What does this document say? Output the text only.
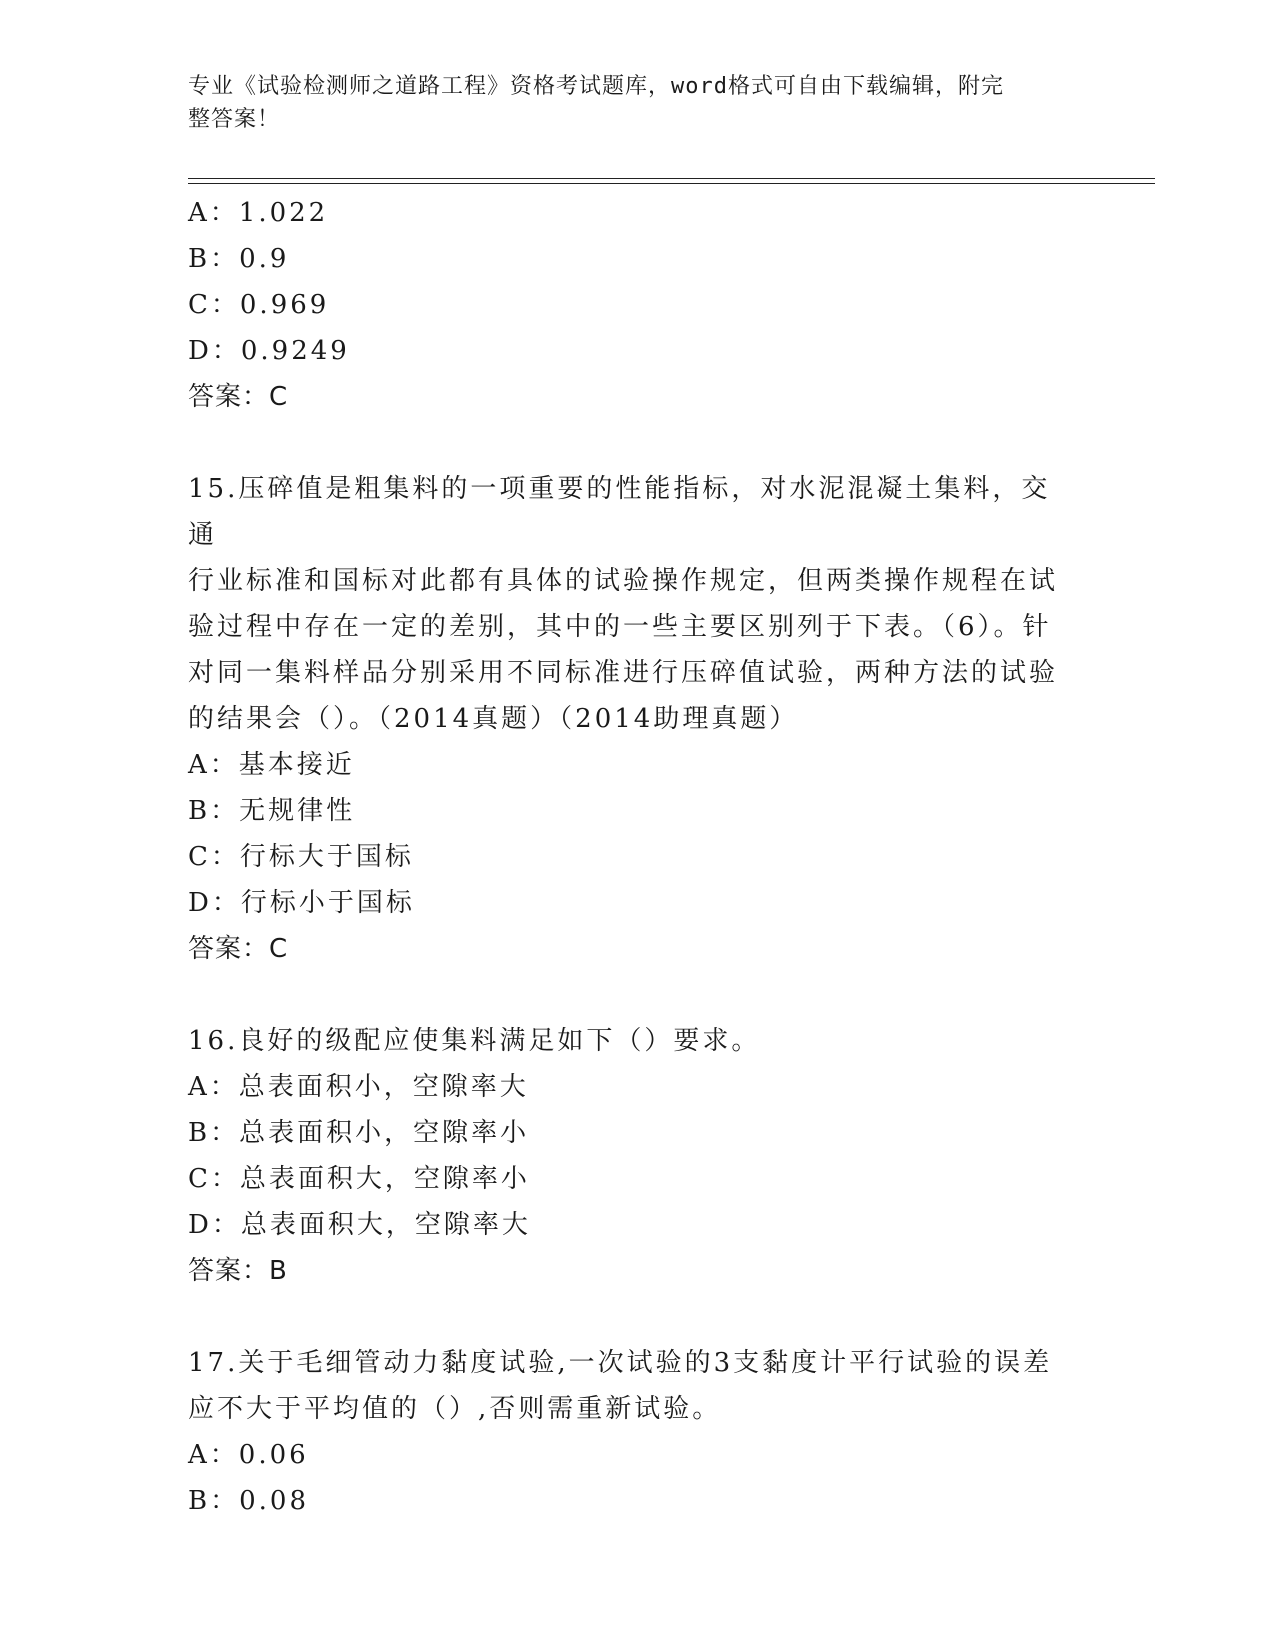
专业《试验检测师之道路工程》资格考试题库，word格式可自由下载编辑，附完
整答案！
A：1.022
B：0.9
C：0.969
D：0.9249
答案：C
15.压碎值是粗集料的一项重要的性能指标，对水泥混凝土集料，交通
行业标准和国标对此都有具体的试验操作规定，但两类操作规程在试
验过程中存在一定的差别，其中的一些主要区别列于下表。（6）。针
对同一集料样品分别采用不同标准进行压碎值试验，两种方法的试验
的结果会（）。（2014真题）（2014助理真题）
A：基本接近
B：无规律性
C：行标大于国标
D：行标小于国标
答案：C
16.良好的级配应使集料满足如下（）要求。
A：总表面积小，空隙率大
B：总表面积小，空隙率小
C：总表面积大，空隙率小
D：总表面积大，空隙率大
答案：B
17.关于毛细管动力黏度试验,一次试验的3支黏度计平行试验的误差
应不大于平均值的（）,否则需重新试验。
A：0.06
B：0.08
